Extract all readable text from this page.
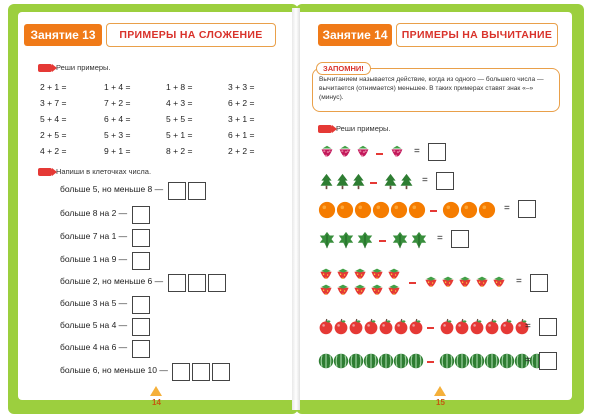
Занятие 13	ПРИМЕРЫ НА СЛОЖЕНИЕ
Реши примеры.
2 + 1 =	1 + 4 =	1 + 8 =	3 + 3 =
3 + 7 =	7 + 2 =	4 + 3 =	6 + 2 =
5 + 4 =	6 + 4 =	5 + 5 =	3 + 1 =
2 + 5 =	5 + 3 =	5 + 1 =	6 + 1 =
4 + 2 =	9 + 1 =	8 + 2 =	2 + 2 =
Напиши в клеточках числа.
больше 5, но меньше 8 —
больше 8 на 2 —
больше 7 на 1 —
больше 1 на 9 —
больше 2, но меньше 6 —
больше 3 на 5 —
больше 5 на 4 —
больше 4 на 6 —
больше 6, но меньше 10 —
14
Занятие 14	ПРИМЕРЫ НА ВЫЧИТАНИЕ
Вычитанием называется действие, когда из одного — большего числа — вычитается (отнимается) меньшее. В таких примерах ставят знак «–» (минус).
ЗАПОМНИ!
Реши примеры.
=
=
=
=
=
=
=
15
